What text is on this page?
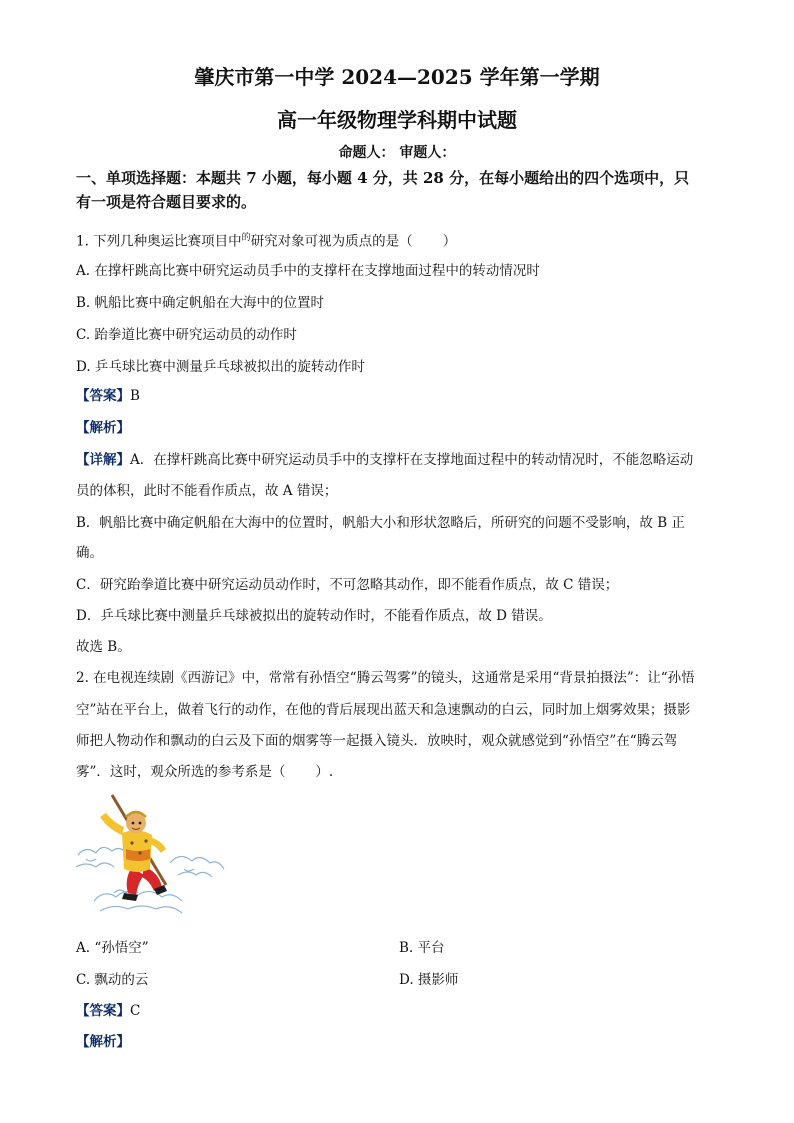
肇庆市第一中学 2024—2025 学年第一学期
高一年级物理学科期中试题
命题人： 审题人：
一、单项选择题：本题共 7 小题，每小题 4 分，共 28 分，在每小题给出的四个选项中，只
有一项是符合题目要求的。
1. 下列几种奥运比赛项目中$^的$研究对象可视为质点的是（ ）
A. 在撑杆跳高比赛中研究运动员手中的支撑杆在支撑地面过程中的转动情况时
B. 帆船比赛中确定帆船在大海中的位置时
C. 跆拳道比赛中研究运动员的动作时
D. 乒乓球比赛中测量乒乓球被拟出的旋转动作时
【答案】B
【解析】
【详解】A．在撑杆跳高比赛中研究运动员手中的支撑杆在支撑地面过程中的转动情况时，不能忽略运动
员的体积，此时不能看作质点，故 A 错误；
B．帆船比赛中确定帆船在大海中的位置时，帆船大小和形状忽略后，所研究的问题不受影响，故 B 正
确。
C．研究跆拳道比赛中研究运动员动作时，不可忽略其动作，即不能看作质点，故 C 错误；
D．乒乓球比赛中测量乒乓球被拟出的旋转动作时，不能看作质点，故 D 错误。
故选 B。
2. 在电视连续剧《西游记》中，常常有孙悟空“腾云驾雾”的镜头，这通常是采用“背景拍摄法”：让“孙悟
空”站在平台上，做着飞行的动作，在他的背后展现出蓝天和急速飘动的白云，同时加上烟雾效果；摄影
师把人物动作和飘动的白云及下面的烟雾等一起摄入镜头．放映时，观众就感觉到“孙悟空”在“腾云驾
雾”．这时，观众所选的参考系是（ ）.
A. “孙悟空”	B. 平台
C. 飘动的云	D. 摄影师
【答案】C
【解析】
